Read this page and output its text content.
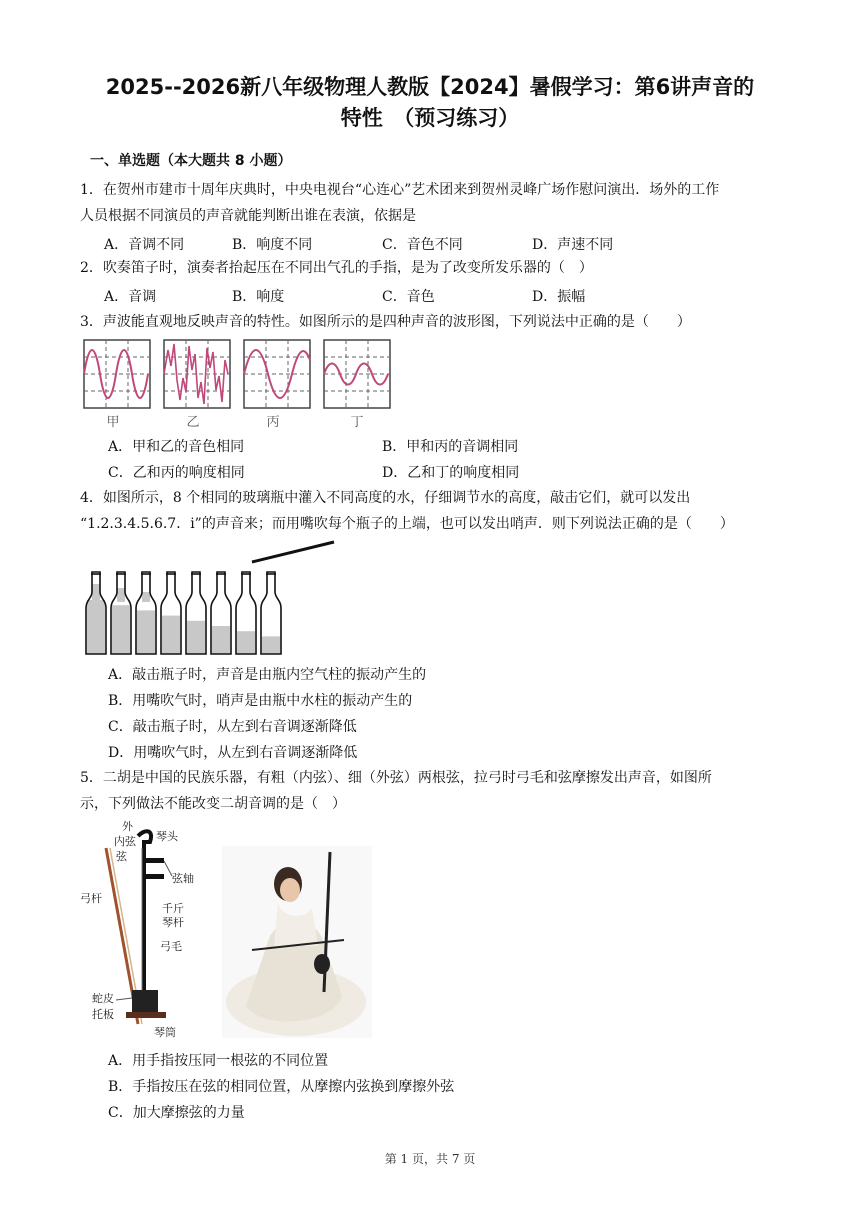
2025--2026新八年级物理人教版【2024】暑假学习：第6讲声音的
特性　（预习练习）
一、单选题（本大题共 8 小题）
1．在贺州市建市十周年庆典时，中央电视台“心连心”艺术团来到贺州灵峰广场作慰问演出．场外的工作
人员根据不同演员的声音就能判断出谁在表演，依据是
A．音调不同	B．响度不同	C．音色不同	D．声速不同
2．吹奏笛子时，演奏者抬起压在不同出气孔的手指，是为了改变所发乐器的（　）
A．音调	B．响度	C．音色	D．振幅
3．声波能直观地反映声音的特性。如图所示的是四种声音的波形图，下列说法中正确的是（　　）
甲	乙	丙	丁
A．甲和乙的音色相同	B．甲和丙的音调相同
C．乙和丙的响度相同	D．乙和丁的响度相同
4．如图所示，8 个相同的玻璃瓶中灌入不同高度的水，仔细调节水的高度，敲击它们，就可以发出
“1.2.3.4.5.6.7．i”的声音来；而用嘴吹每个瓶子的上端，也可以发出哨声．则下列说法正确的是（　　）
A．敲击瓶子时，声音是由瓶内空气柱的振动产生的
B．用嘴吹气时，哨声是由瓶中水柱的振动产生的
C．敲击瓶子时，从左到右音调逐渐降低
D．用嘴吹气时，从左到右音调逐渐降低
5．二胡是中国的民族乐器，有粗（内弦）、细（外弦）两根弦，拉弓时弓毛和弦摩擦发出声音，如图所
示，下列做法不能改变二胡音调的是（　）
外
内弦
弦
琴头
弦轴
弓杆
千斤
琴杆
弓毛
蛇皮
托板
琴筒
A．用手指按压同一根弦的不同位置
B．手指按压在弦的相同位置，从摩擦内弦换到摩擦外弦
C．加大摩擦弦的力量
第 1 页，共 7 页
